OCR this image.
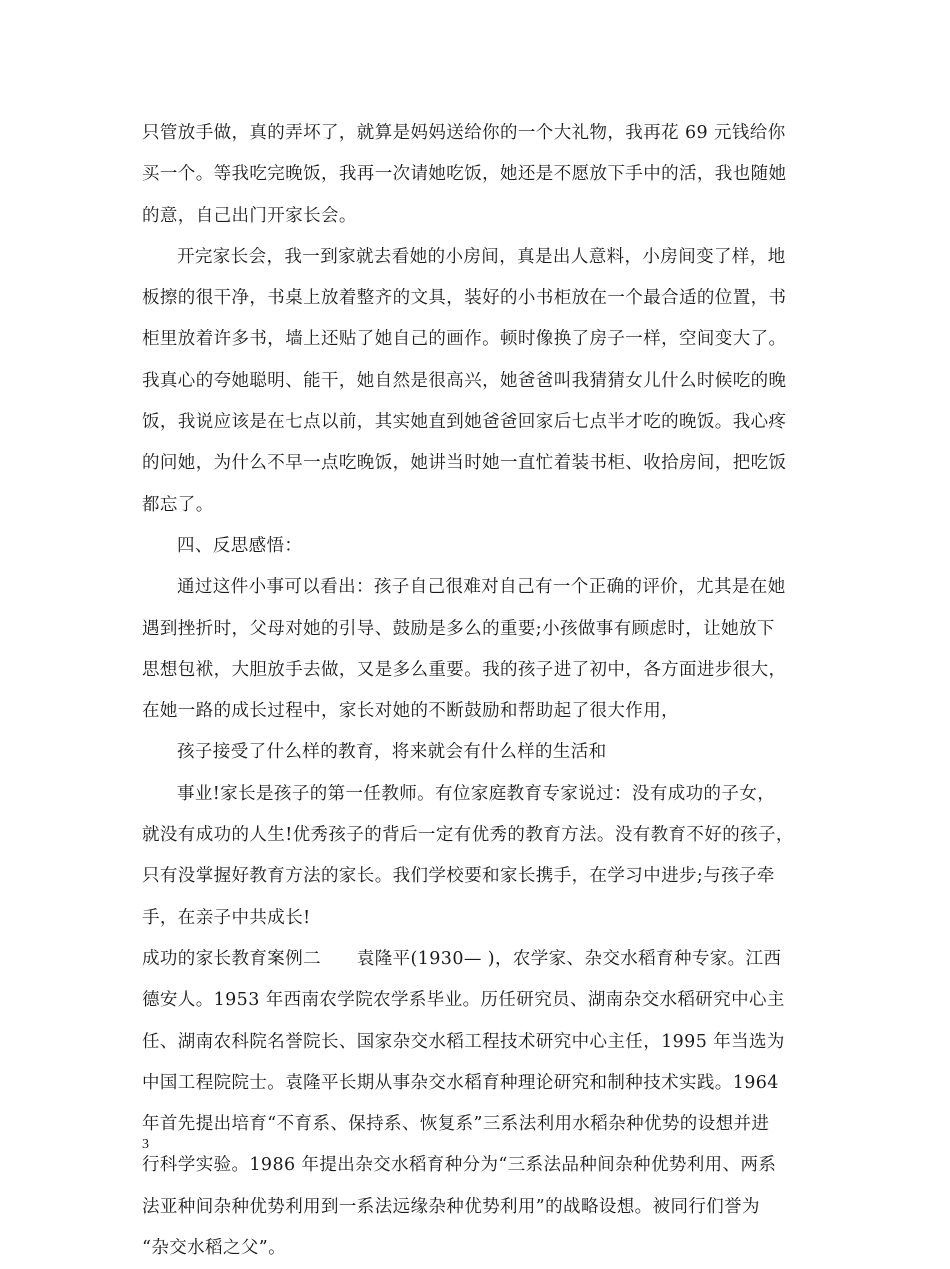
只管放手做，真的弄坏了，就算是妈妈送给你的一个大礼物，我再花 69 元钱给你
买一个。等我吃完晚饭，我再一次请她吃饭，她还是不愿放下手中的活，我也随她
的意，自己出门开家长会。
开完家长会，我一到家就去看她的小房间，真是出人意料，小房间变了样，地
板擦的很干净，书桌上放着整齐的文具，装好的小书柜放在一个最合适的位置，书
柜里放着许多书，墙上还贴了她自己的画作。顿时像换了房子一样，空间变大了。
我真心的夸她聪明、能干，她自然是很高兴，她爸爸叫我猜猜女儿什么时候吃的晚
饭，我说应该是在七点以前，其实她直到她爸爸回家后七点半才吃的晚饭。我心疼
的问她，为什么不早一点吃晚饭，她讲当时她一直忙着装书柜、收拾房间，把吃饭
都忘了。
四、反思感悟：
通过这件小事可以看出：孩子自己很难对自己有一个正确的评价，尤其是在她
遇到挫折时，父母对她的引导、鼓励是多么的重要;小孩做事有顾虑时，让她放下
思想包袱，大胆放手去做，又是多么重要。我的孩子进了初中，各方面进步很大，
在她一路的成长过程中，家长对她的不断鼓励和帮助起了很大作用，
孩子接受了什么样的教育，将来就会有什么样的生活和
事业!家长是孩子的第一任教师。有位家庭教育专家说过：没有成功的子女，
就没有成功的人生!优秀孩子的背后一定有优秀的教育方法。没有教育不好的孩子，
只有没掌握好教育方法的家长。我们学校要和家长携手，在学习中进步;与孩子牵
手，在亲子中共成长!
成功的家长教育案例二　　袁隆平(1930— )，农学家、杂交水稻育种专家。江西
德安人。1953 年西南农学院农学系毕业。历任研究员、湖南杂交水稻研究中心主
任、湖南农科院名誉院长、国家杂交水稻工程技术研究中心主任，1995 年当选为
中国工程院院士。袁隆平长期从事杂交水稻育种理论研究和制种技术实践。1964
年首先提出培育“不育系、保持系、恢复系”三系法利用水稻杂种优势的设想并进
行科学实验。1986 年提出杂交水稻育种分为“三系法品种间杂种优势利用、两系
法亚种间杂种优势利用到一系法远缘杂种优势利用”的战略设想。被同行们誉为
“杂交水稻之父”。
3
